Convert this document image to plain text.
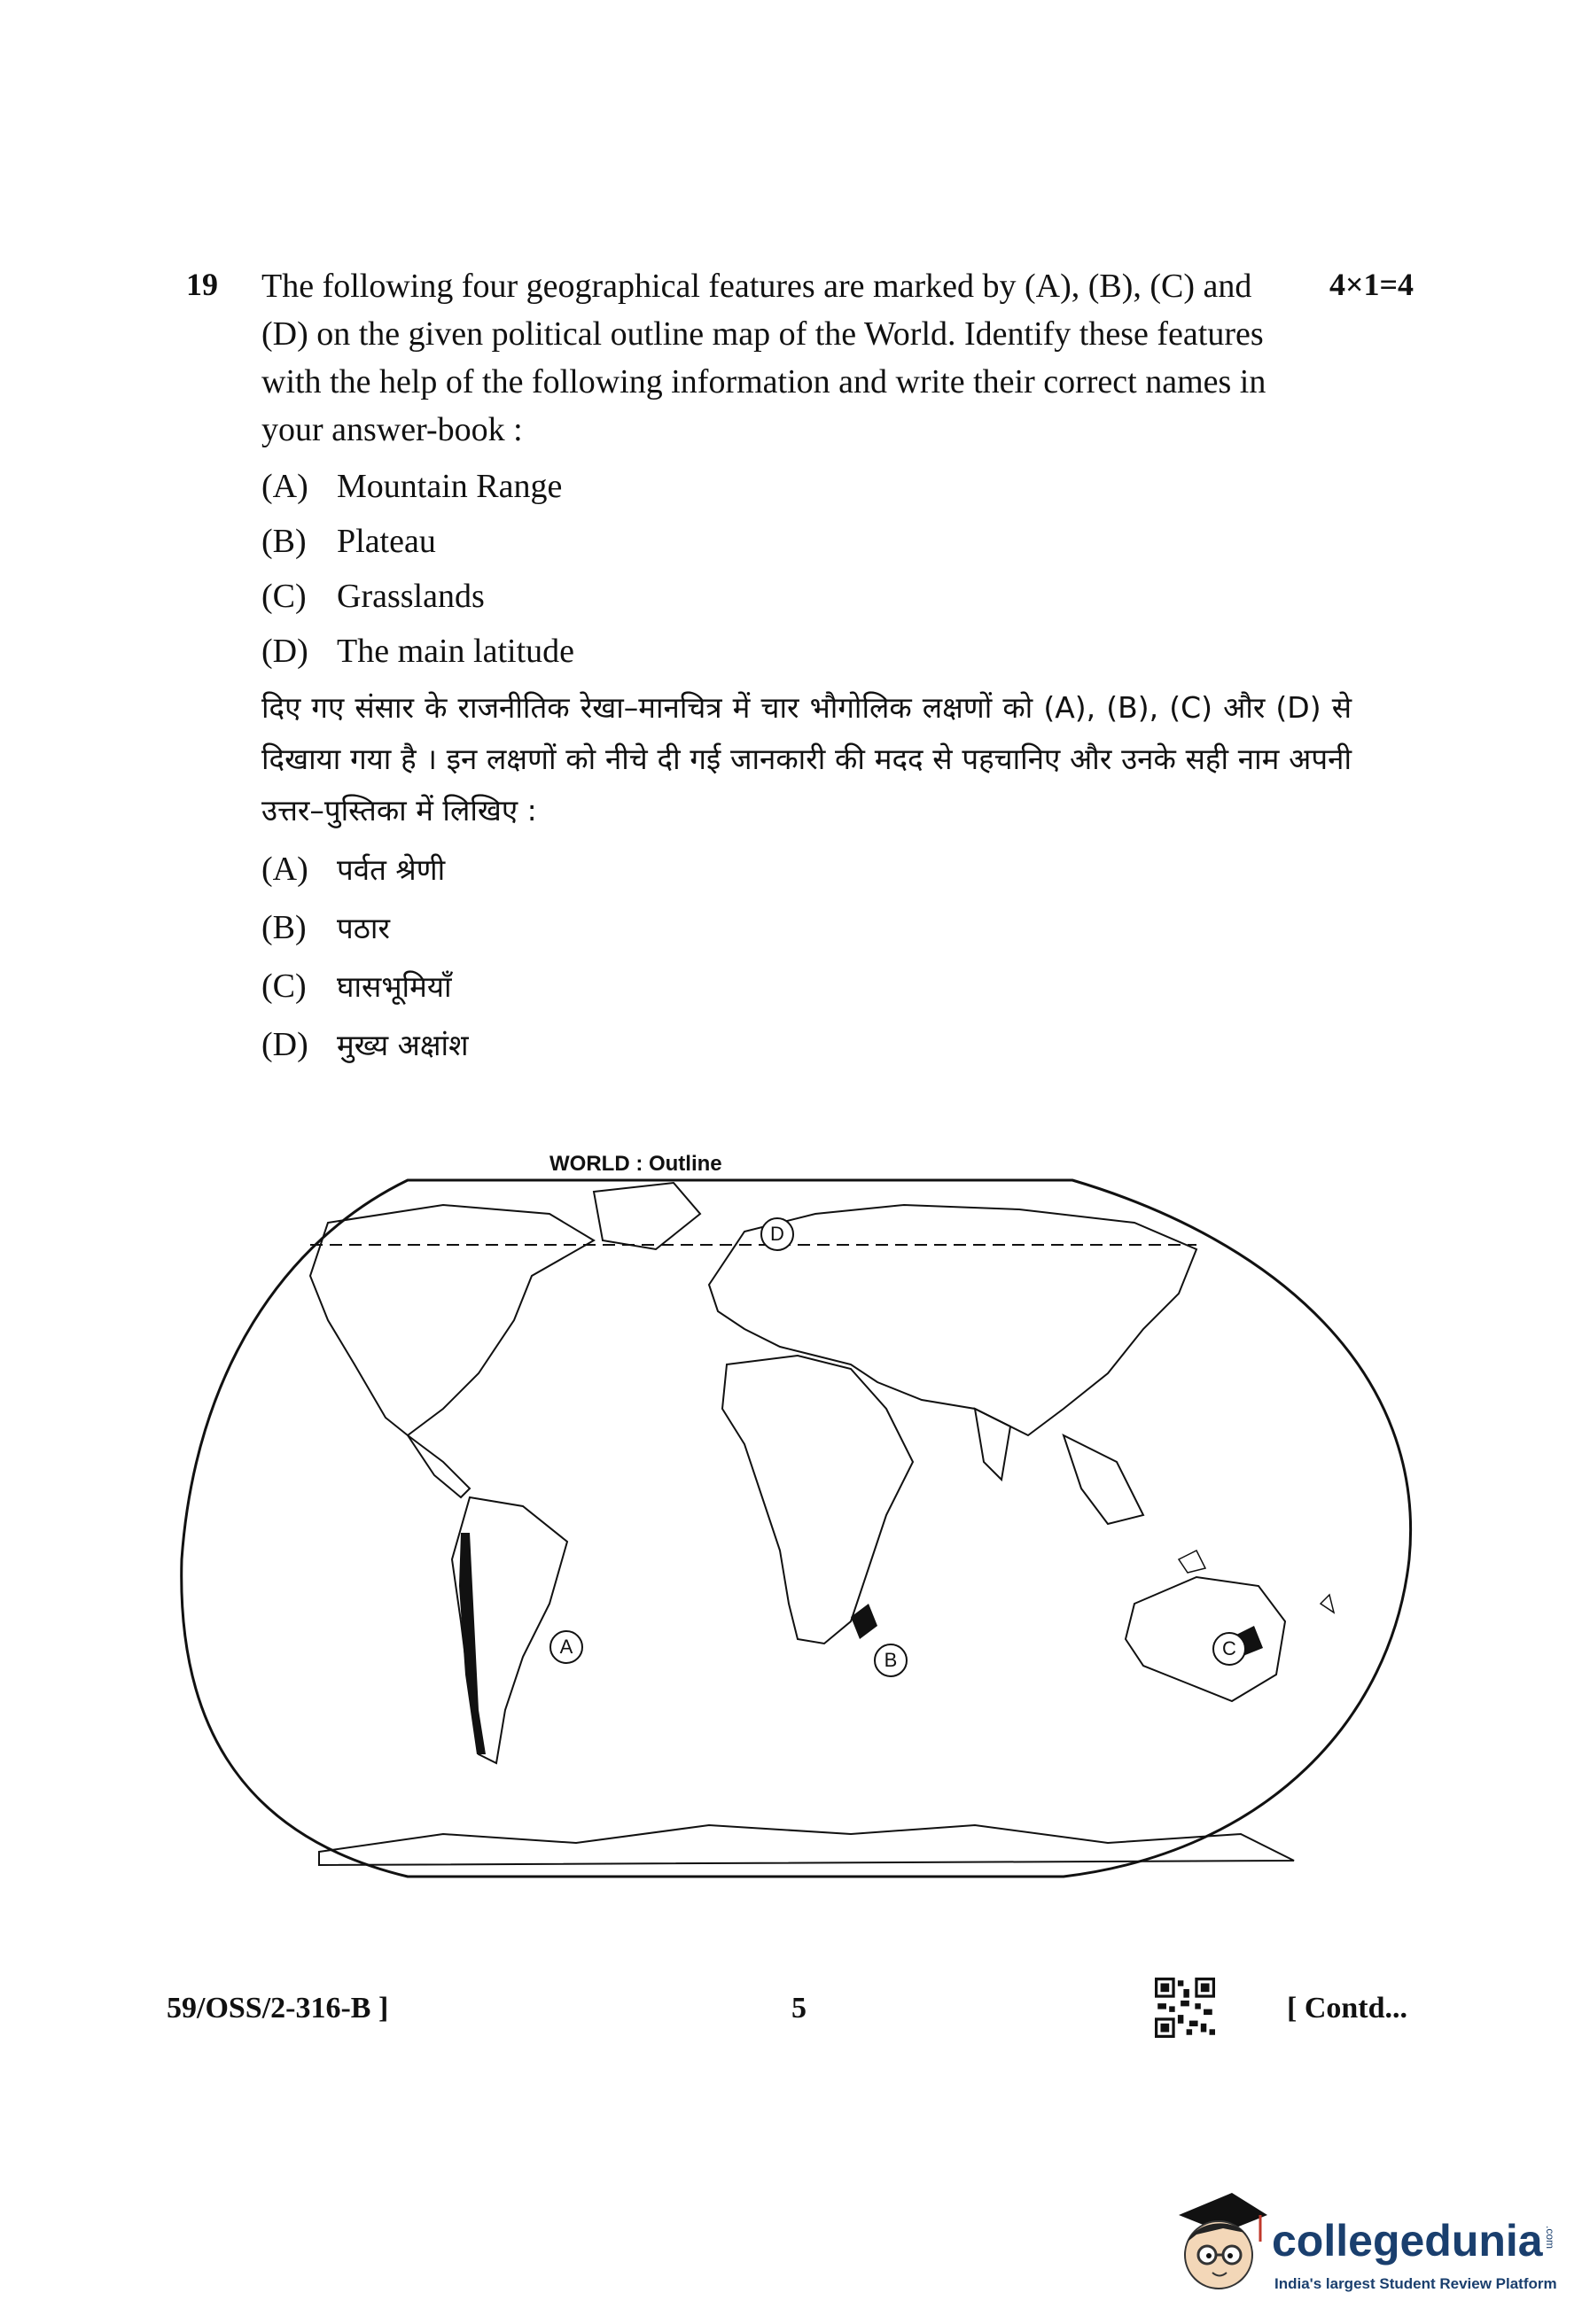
19	4×1=4
The following four geographical features are marked by (A), (B), (C) and (D) on the given political outline map of the World. Identify these features with the help of the following information and write their correct names in your answer-book :
(A) Mountain Range
(B) Plateau
(C) Grasslands
(D) The main latitude
दिए गए संसार के राजनीतिक रेखा–मानचित्र में चार भौगोलिक लक्षणों को (A), (B), (C) और (D) से दिखाया गया है । इन लक्षणों को नीचे दी गई जानकारी की मदद से पहचानिए और उनके सही नाम अपनी उत्तर–पुस्तिका में लिखिए :
(A) पर्वत श्रेणी
(B) पठार
(C) घासभूमियाँ
(D) मुख्य अक्षांश
WORLD : Outline
A
B
C
D
59/OSS/2-316-B ]	5	[ Contd...
collegedunia .com
India's largest Student Review Platform
